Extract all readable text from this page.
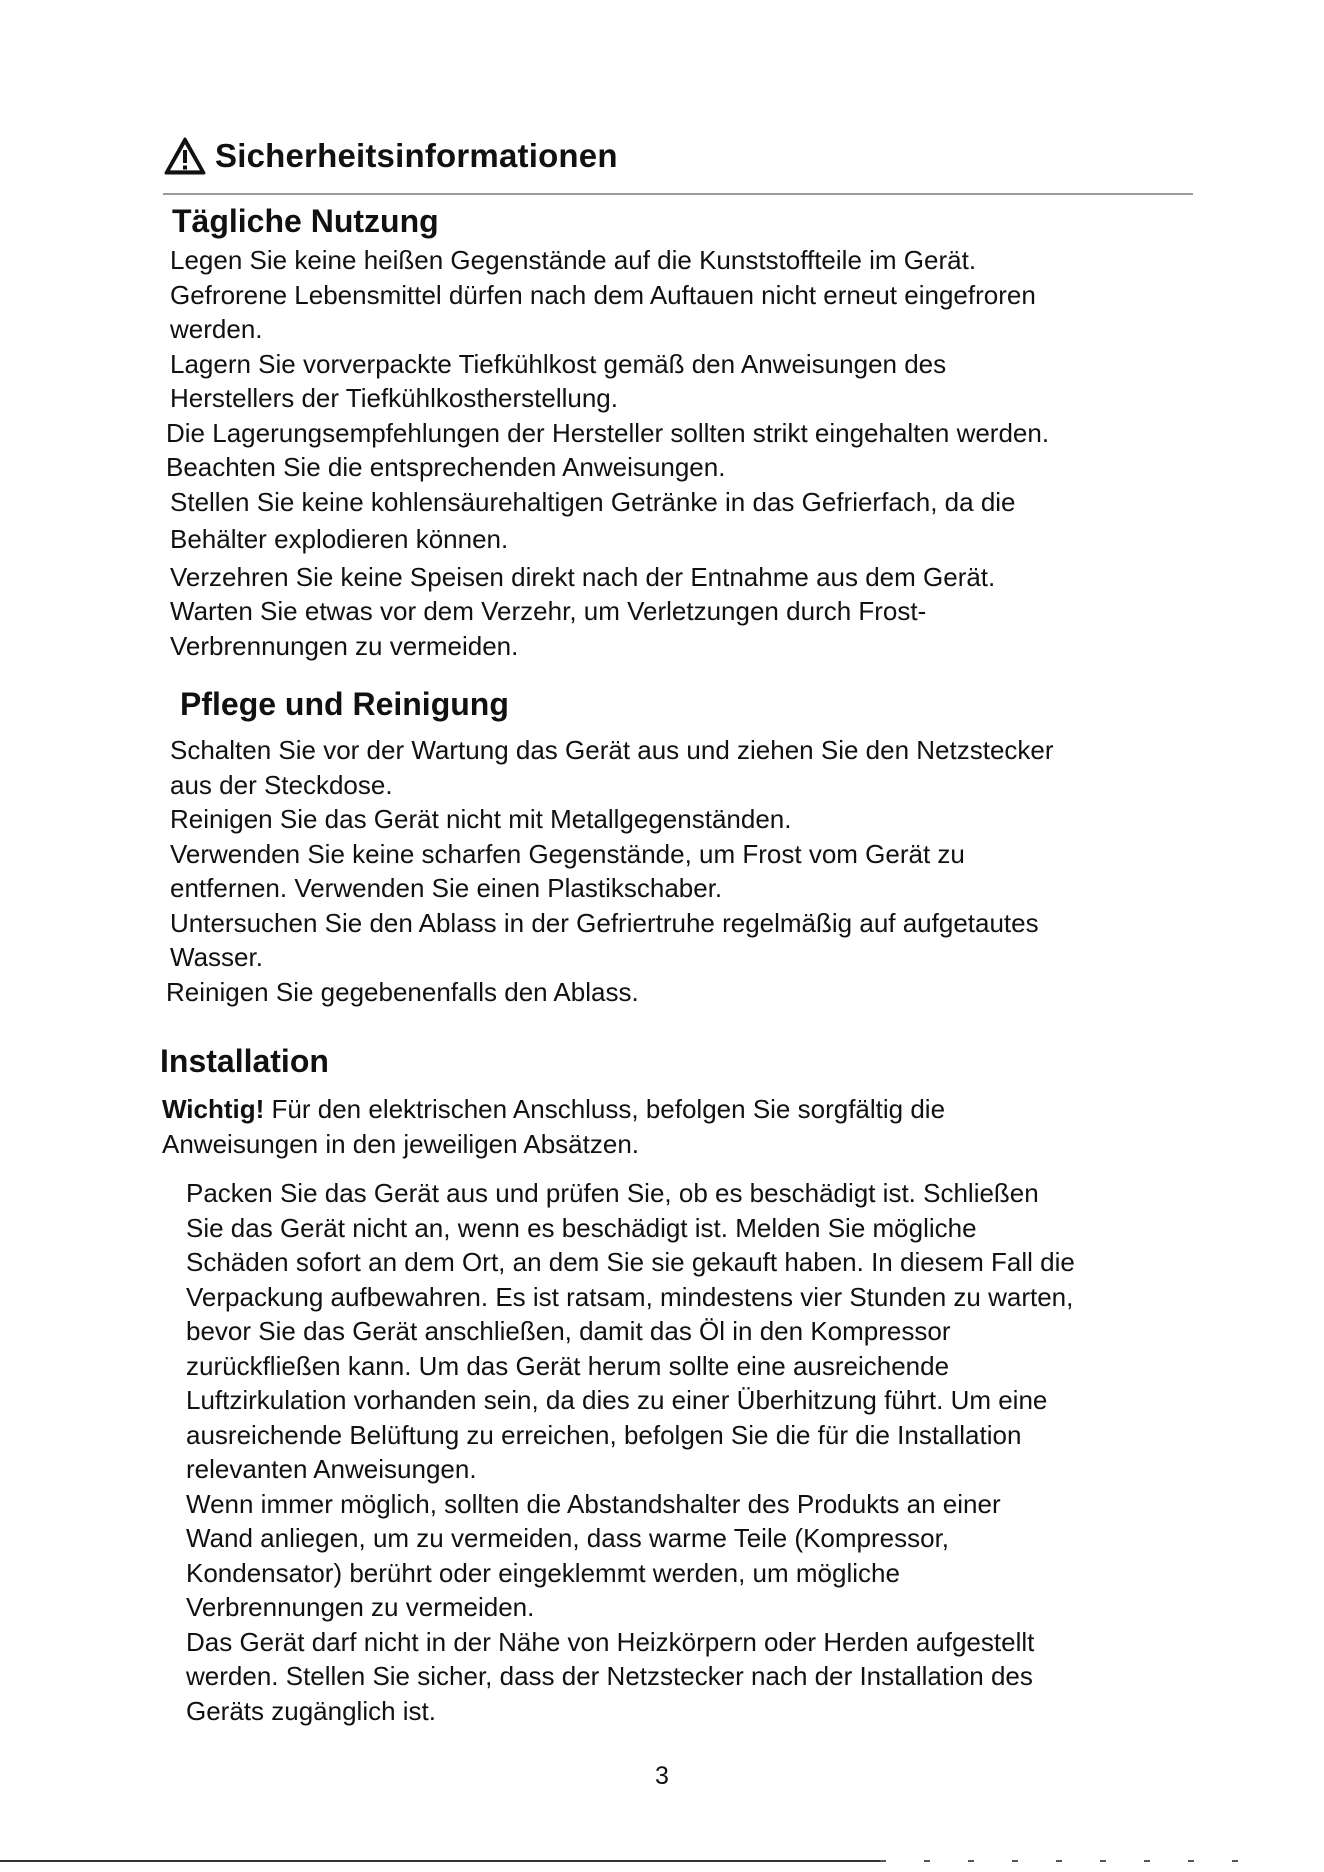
Sicherheitsinformationen
Tägliche Nutzung

Legen Sie keine heißen Gegenstände auf die Kunststoffteile im Gerät.

Gefrorene Lebensmittel dürfen nach dem Auftauen nicht erneut eingefroren

werden.

Lagern Sie vorverpackte Tiefkühlkost gemäß den Anweisungen des

Herstellers der Tiefkühlkostherstellung.

Die Lagerungsempfehlungen der Hersteller sollten strikt eingehalten werden.

Beachten Sie die entsprechenden Anweisungen.

Stellen Sie keine kohlensäurehaltigen Getränke in das Gefrierfach, da die

Behälter explodieren können.

Verzehren Sie keine Speisen direkt nach der Entnahme aus dem Gerät.

Warten Sie etwas vor dem Verzehr, um Verletzungen durch Frost-

Verbrennungen zu vermeiden.

Pflege und Reinigung

Schalten Sie vor der Wartung das Gerät aus und ziehen Sie den Netzstecker

aus der Steckdose.

Reinigen Sie das Gerät nicht mit Metallgegenständen.

Verwenden Sie keine scharfen Gegenstände, um Frost vom Gerät zu

entfernen. Verwenden Sie einen Plastikschaber.

Untersuchen Sie den Ablass in der Gefriertruhe regelmäßig auf aufgetautes

Wasser.

Reinigen Sie gegebenenfalls den Ablass.

Installation

Wichtig! Für den elektrischen Anschluss, befolgen Sie sorgfältig die

Anweisungen in den jeweiligen Absätzen.

Packen Sie das Gerät aus und prüfen Sie, ob es beschädigt ist. Schließen

Sie das Gerät nicht an, wenn es beschädigt ist. Melden Sie mögliche

Schäden sofort an dem Ort, an dem Sie sie gekauft haben. In diesem Fall die

Verpackung aufbewahren. Es ist ratsam, mindestens vier Stunden zu warten,

bevor Sie das Gerät anschließen, damit das Öl in den Kompressor

zurückfließen kann. Um das Gerät herum sollte eine ausreichende

Luftzirkulation vorhanden sein, da dies zu einer Überhitzung führt. Um eine

ausreichende Belüftung zu erreichen, befolgen Sie die für die Installation

relevanten Anweisungen.

Wenn immer möglich, sollten die Abstandshalter des Produkts an einer

Wand anliegen, um zu vermeiden, dass warme Teile (Kompressor,

Kondensator) berührt oder eingeklemmt werden, um mögliche

Verbrennungen zu vermeiden.

Das Gerät darf nicht in der Nähe von Heizkörpern oder Herden aufgestellt

werden. Stellen Sie sicher, dass der Netzstecker nach der Installation des

Geräts zugänglich ist.

3
